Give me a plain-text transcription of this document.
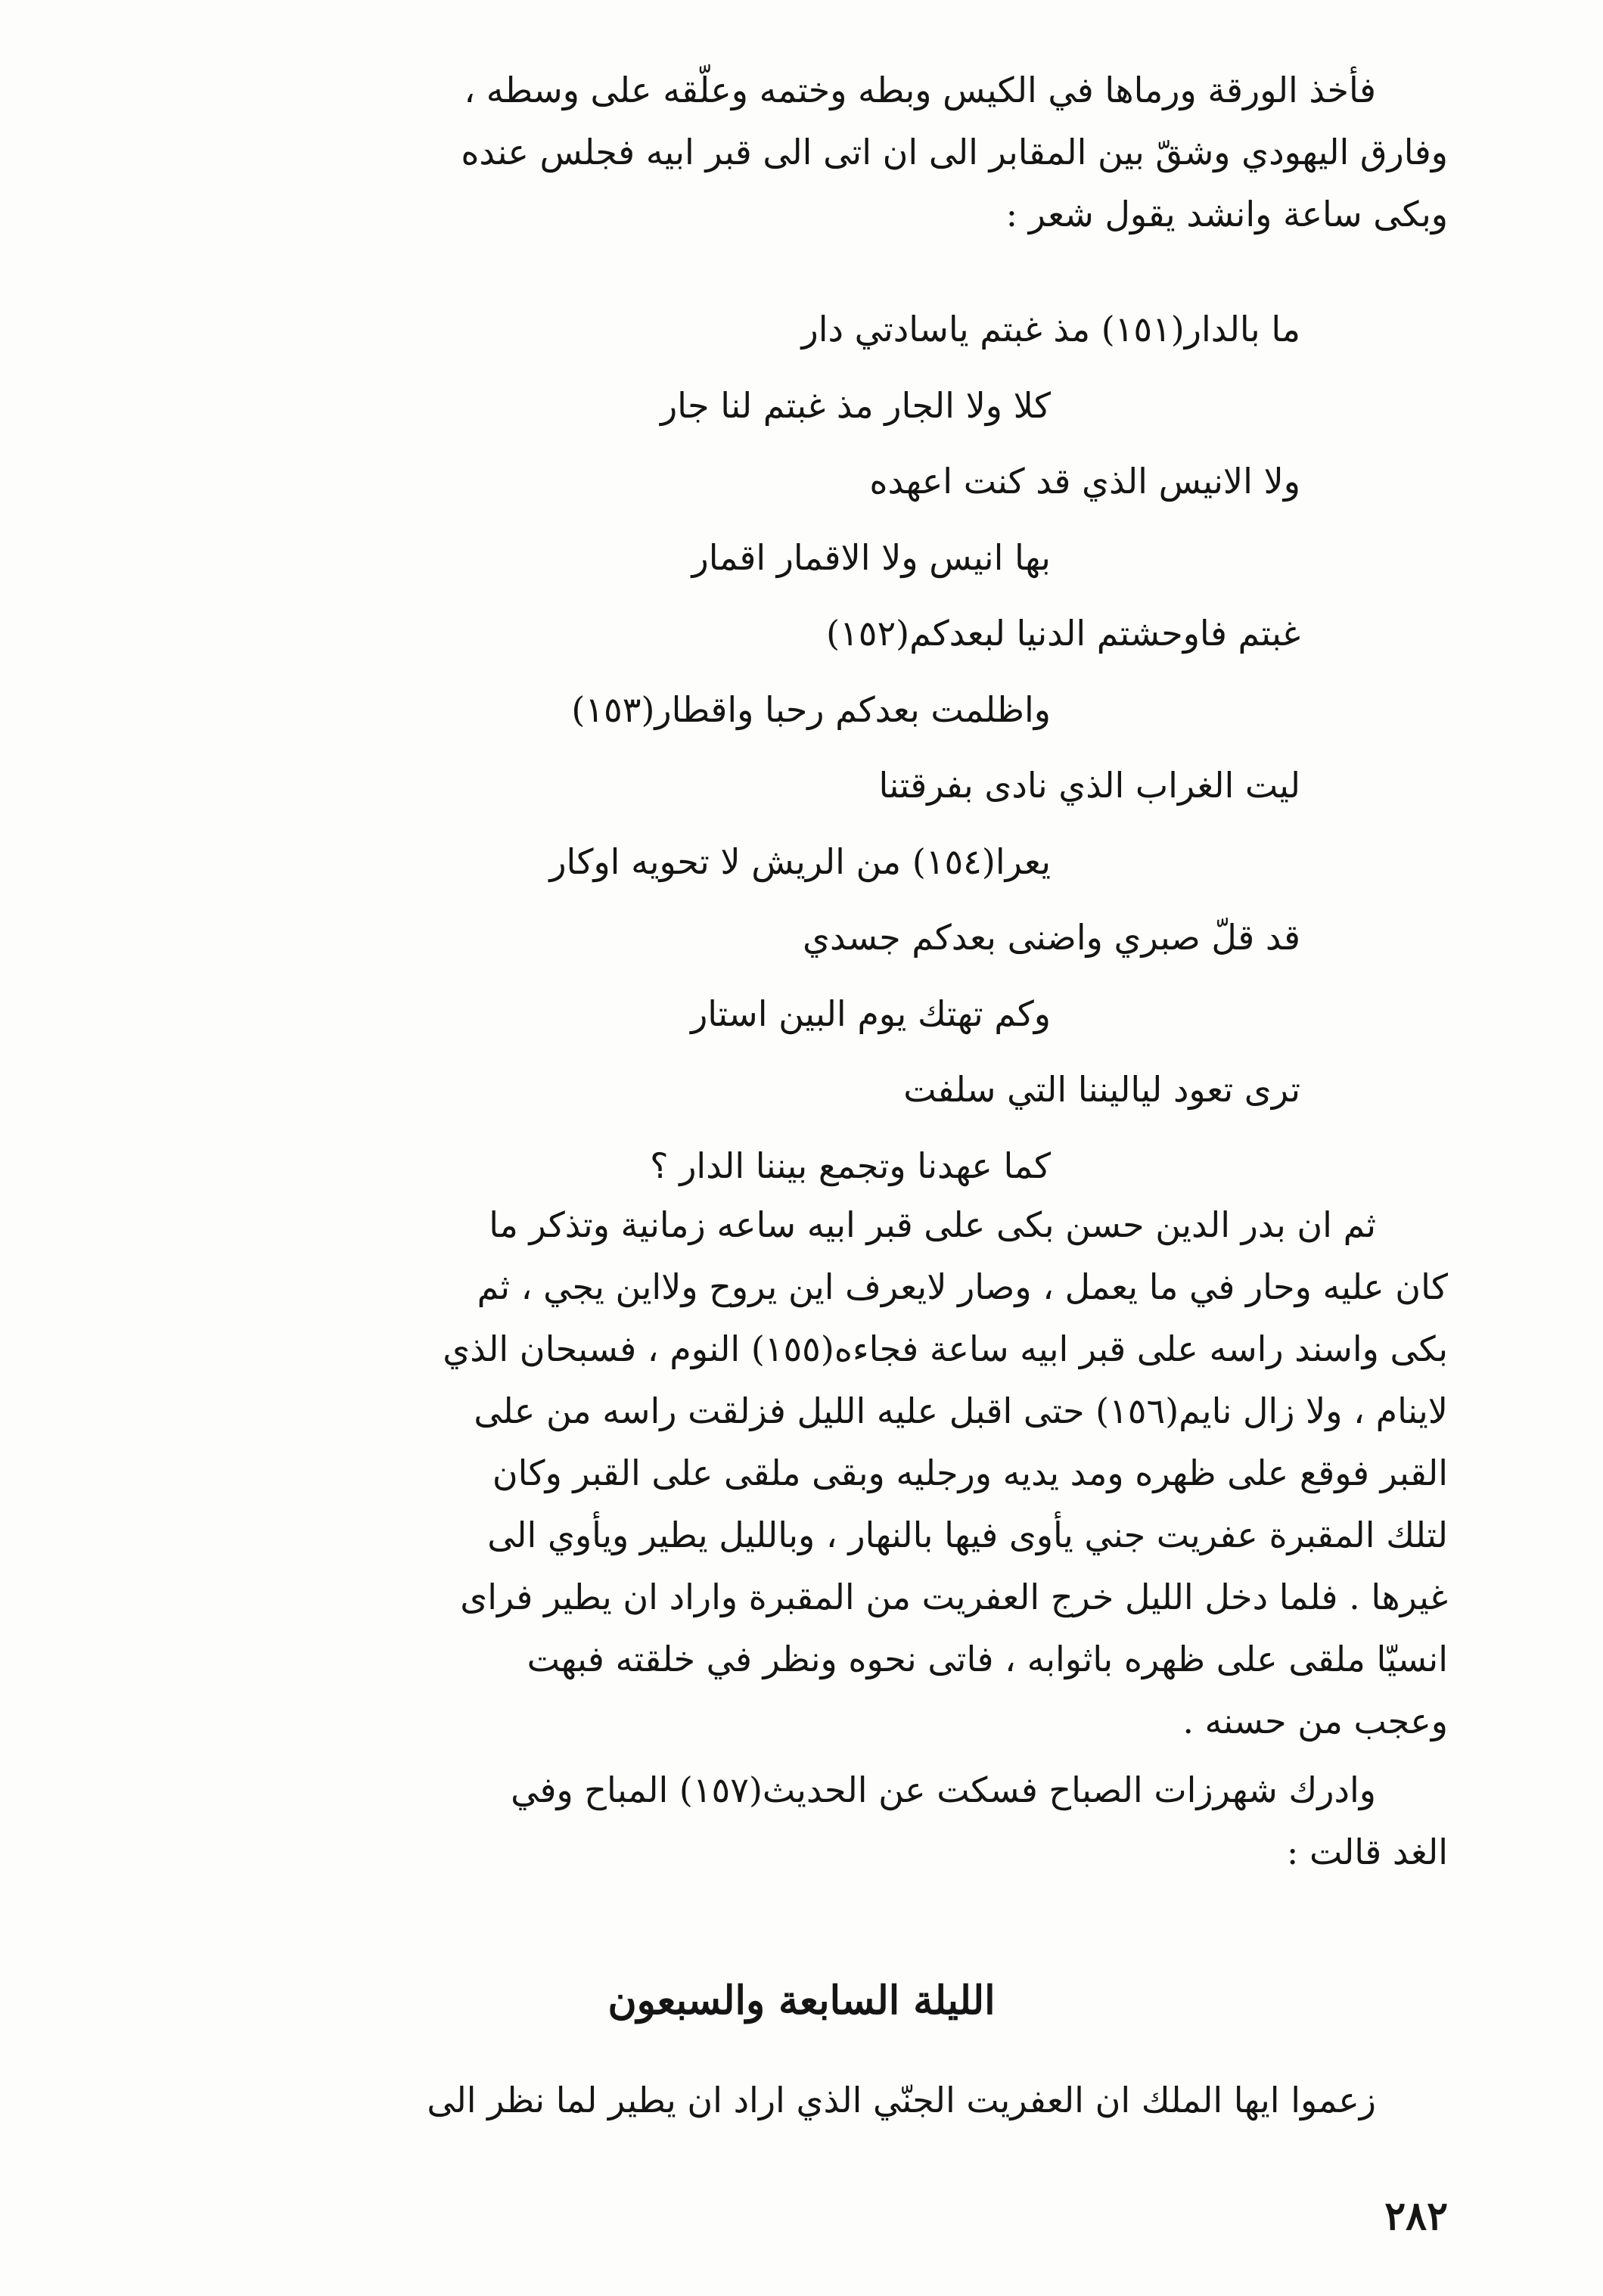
فأخذ الورقة ورماها في الكيس وبطه وختمه وعلّقه على وسطه ،
وفارق اليهودي وشقّ بين المقابر الى ان اتى الى قبر ابيه فجلس عنده
وبكى ساعة وانشد يقول شعر :
ما بالدار(١٥١) مذ غبتم ياسادتي دار
كلا ولا الجار مذ غبتم لنا جار
ولا الانيس الذي قد كنت اعهده
بها انيس ولا الاقمار اقمار
غبتم فاوحشتم الدنيا لبعدكم(١٥٢)
واظلمت بعدكم رحبا واقطار(١٥٣)
ليت الغراب الذي نادى بفرقتنا
يعرا(١٥٤) من الريش لا تحويه اوكار
قد قلّ صبري واضنى بعدكم جسدي
وكم تهتك يوم البين استار
ترى تعود لياليننا التي سلفت
كما عهدنا وتجمع بيننا الدار ؟
ثم ان بدر الدين حسن بكى على قبر ابيه ساعه زمانية وتذكر ما
كان عليه وحار في ما يعمل ، وصار لايعرف اين يروح ولااين يجي ، ثم
بكى واسند راسه على قبر ابيه ساعة فجاءه(١٥٥) النوم ، فسبحان الذي
لاينام ، ولا زال نايم(١٥٦) حتى اقبل عليه الليل فزلقت راسه من على
القبر فوقع على ظهره ومد يديه ورجليه وبقى ملقى على القبر وكان
لتلك المقبرة عفريت جني يأوى فيها بالنهار ، وبالليل يطير ويأوي الى
غيرها . فلما دخل الليل خرج العفريت من المقبرة واراد ان يطير فراى
انسيّا ملقى على ظهره باثوابه ، فاتى نحوه ونظر في خلقته فبهت
وعجب من حسنه .
وادرك شهرزات الصباح فسكت عن الحديث(١٥٧) المباح وفي
الغد قالت :
الليلة السابعة والسبعون
زعموا ايها الملك ان العفريت الجنّي الذي اراد ان يطير لما نظر الى
٢٨٢
